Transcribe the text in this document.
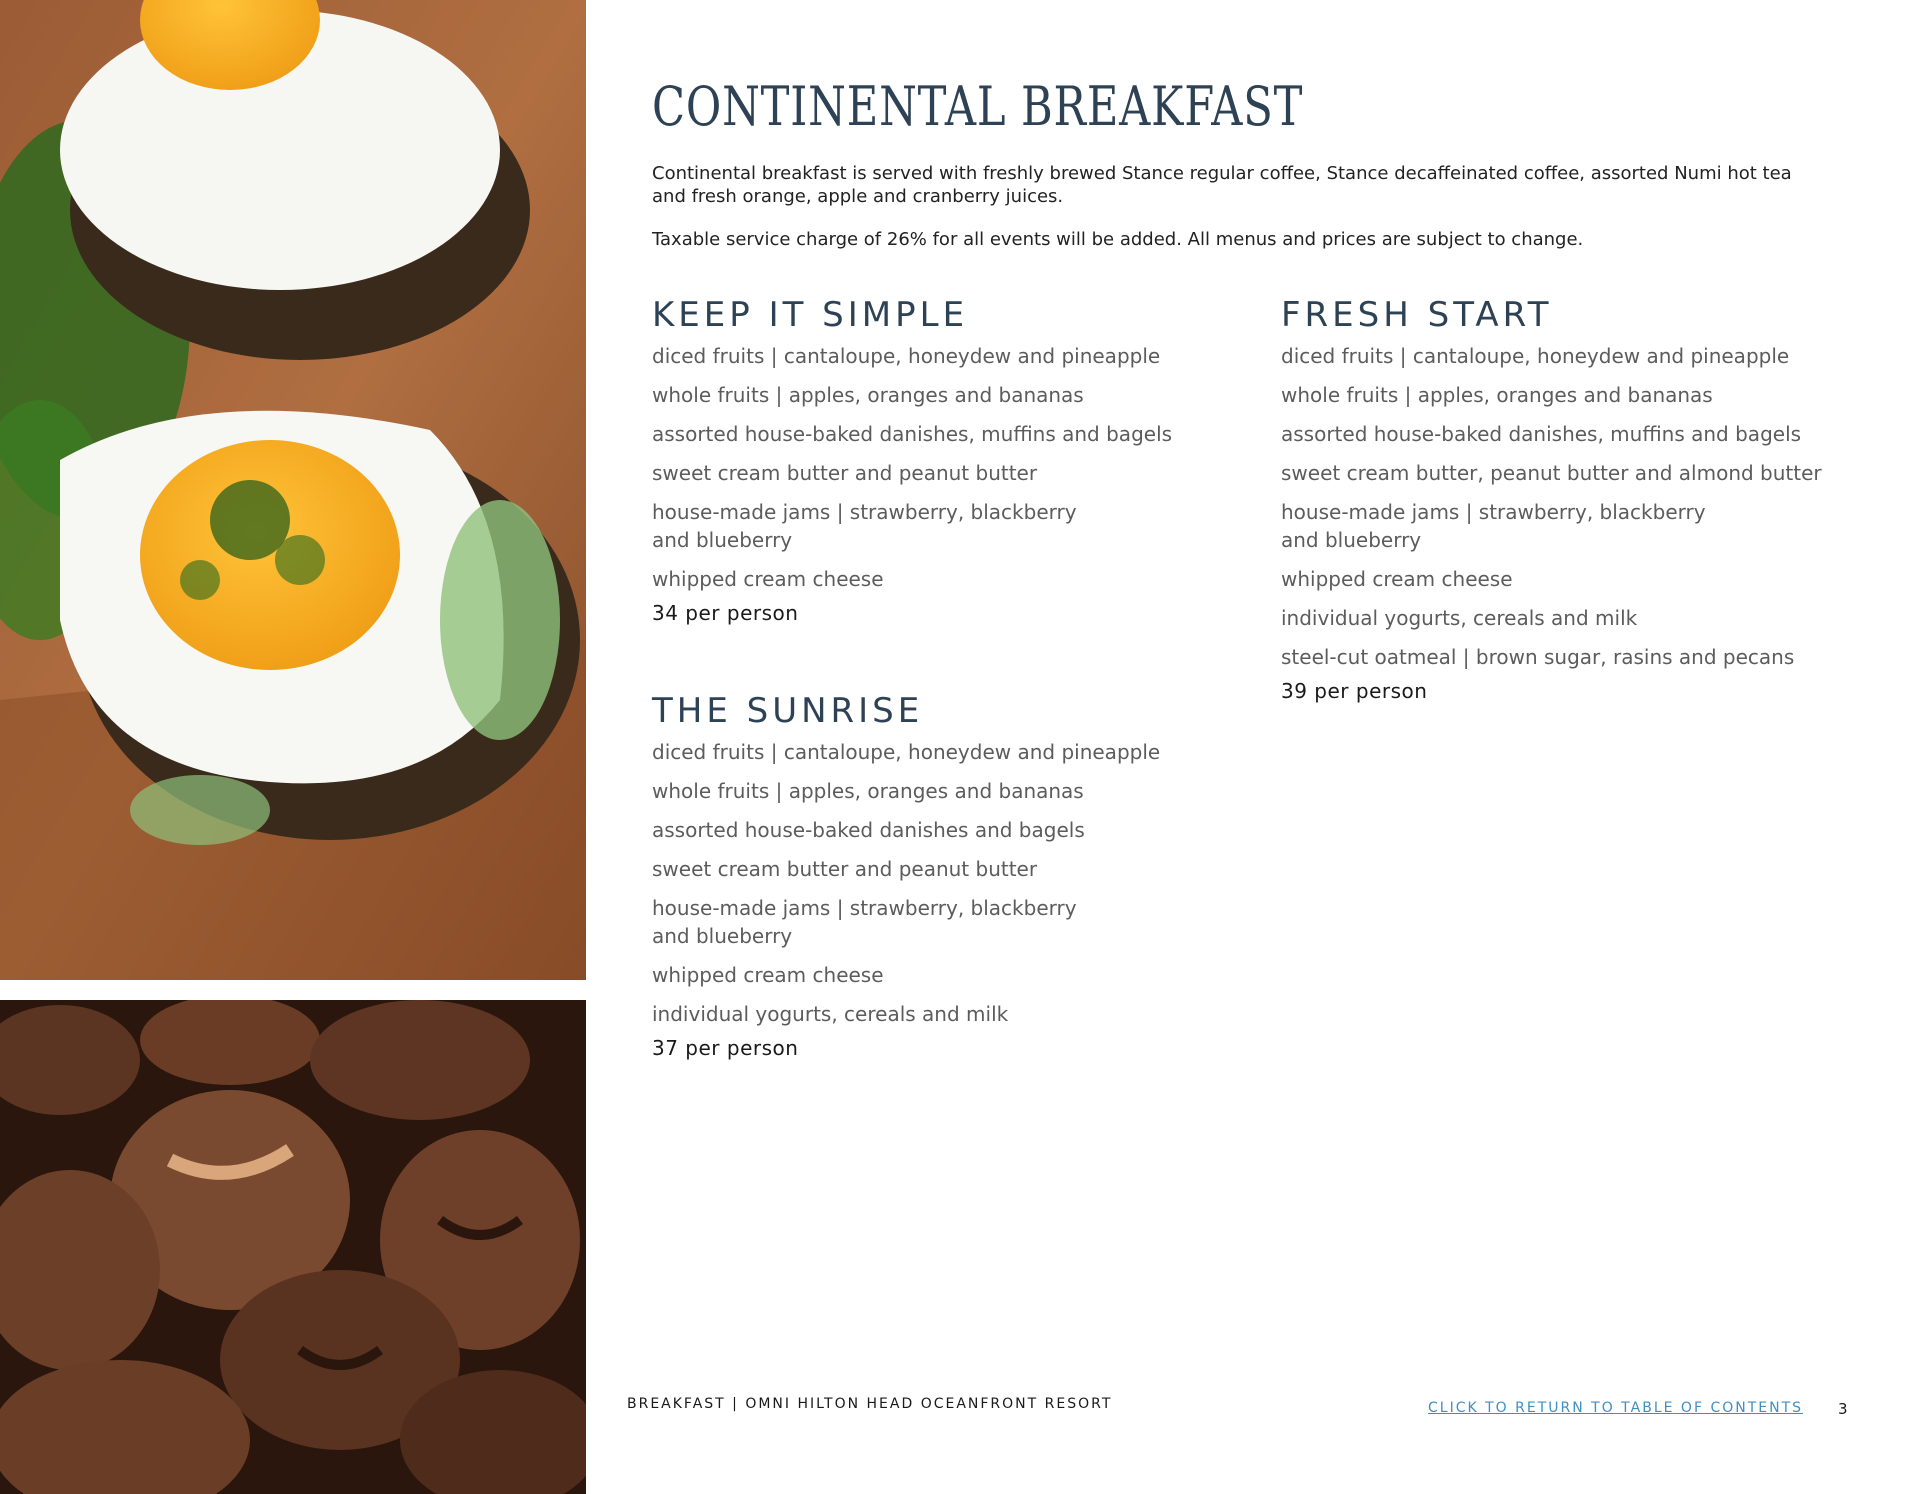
CONTINENTAL BREAKFAST

Continental breakfast is served with freshly brewed Stance regular coffee, Stance decaffeinated coffee, assorted Numi hot tea and fresh orange, apple and cranberry juices.

Taxable service charge of 26% for all events will be added. All menus and prices are subject to change.

KEEP IT SIMPLE
diced fruits | cantaloupe, honeydew and pineapple
whole fruits | apples, oranges and bananas
assorted house-baked danishes, muffins and bagels
sweet cream butter and peanut butter
house-made jams | strawberry, blackberry and blueberry
whipped cream cheese
34 per person
FRESH START
diced fruits | cantaloupe, honeydew and pineapple
whole fruits | apples, oranges and bananas
assorted house-baked danishes, muffins and bagels
sweet cream butter, peanut butter and almond butter
house-made jams | strawberry, blackberry and blueberry
whipped cream cheese
individual yogurts, cereals and milk
steel-cut oatmeal | brown sugar, rasins and pecans
39 per person
THE SUNRISE
diced fruits | cantaloupe, honeydew and pineapple
whole fruits | apples, oranges and bananas
assorted house-baked danishes and bagels
sweet cream butter and peanut butter
house-made jams | strawberry, blackberry and blueberry
whipped cream cheese
individual yogurts, cereals and milk
37 per person
BREAKFAST | OMNI HILTON HEAD OCEANFRONT RESORT	CLICK TO RETURN TO TABLE OF CONTENTS 3
